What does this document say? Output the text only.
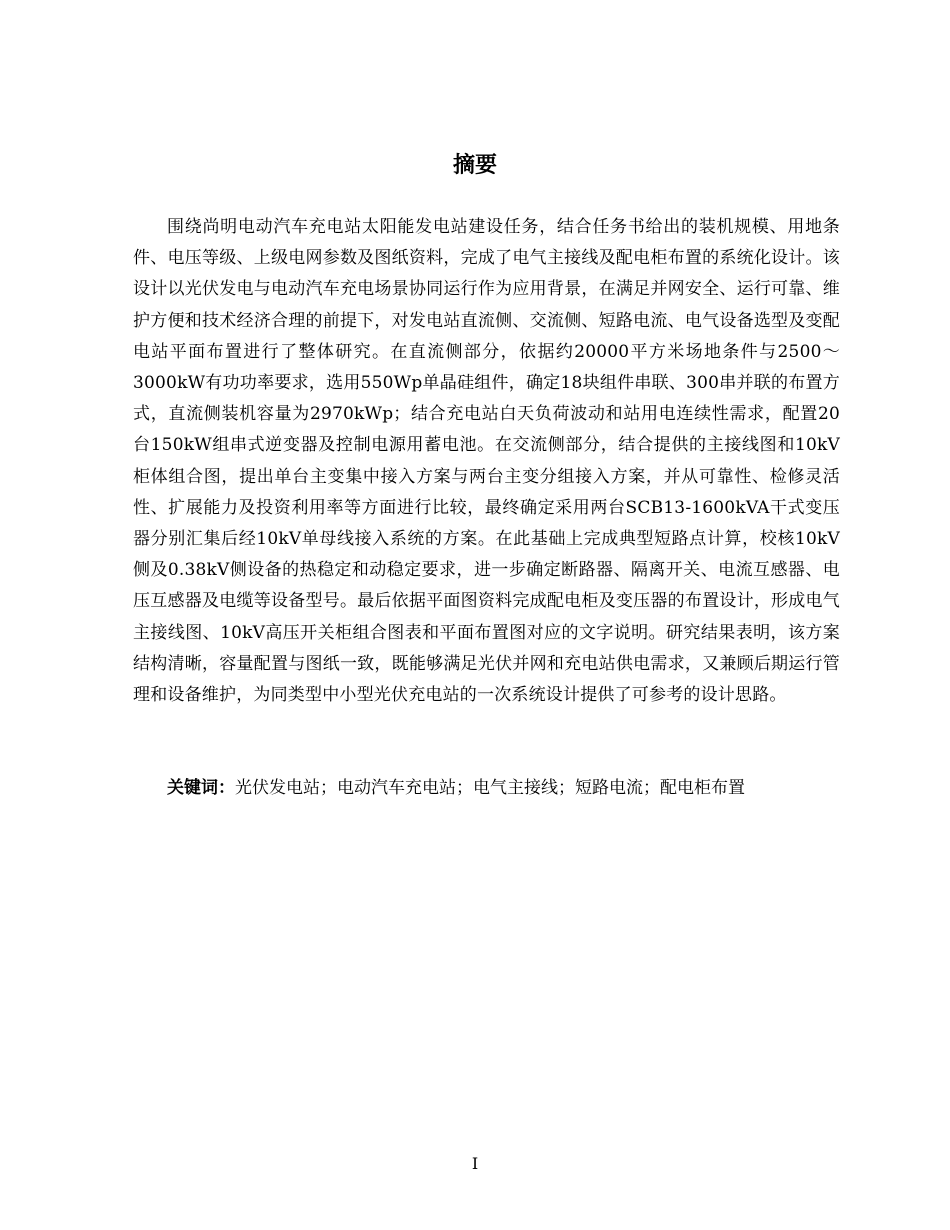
摘要

围绕尚明电动汽车充电站太阳能发电站建设任务，结合任务书给出的装机规模、用地条件、电压等级、上级电网参数及图纸资料，完成了电气主接线及配电柜布置的系统化设计。该设计以光伏发电与电动汽车充电场景协同运行作为应用背景，在满足并网安全、运行可靠、维护方便和技术经济合理的前提下，对发电站直流侧、交流侧、短路电流、电气设备选型及变配电站平面布置进行了整体研究。在直流侧部分，依据约20000平方米场地条件与2500～3000kW有功功率要求，选用550Wp单晶硅组件，确定18块组件串联、300串并联的布置方式，直流侧装机容量为2970kWp；结合充电站白天负荷波动和站用电连续性需求，配置20台150kW组串式逆变器及控制电源用蓄电池。在交流侧部分，结合提供的主接线图和10kV柜体组合图，提出单台主变集中接入方案与两台主变分组接入方案，并从可靠性、检修灵活性、扩展能力及投资利用率等方面进行比较，最终确定采用两台SCB13-1600kVA干式变压器分别汇集后经10kV单母线接入系统的方案。在此基础上完成典型短路点计算，校核10kV侧及0.38kV侧设备的热稳定和动稳定要求，进一步确定断路器、隔离开关、电流互感器、电压互感器及电缆等设备型号。最后依据平面图资料完成配电柜及变压器的布置设计，形成电气主接线图、10kV高压开关柜组合图表和平面布置图对应的文字说明。研究结果表明，该方案结构清晰，容量配置与图纸一致，既能够满足光伏并网和充电站供电需求，又兼顾后期运行管理和设备维护，为同类型中小型光伏充电站的一次系统设计提供了可参考的设计思路。

关键词：光伏发电站；电动汽车充电站；电气主接线；短路电流；配电柜布置

I
